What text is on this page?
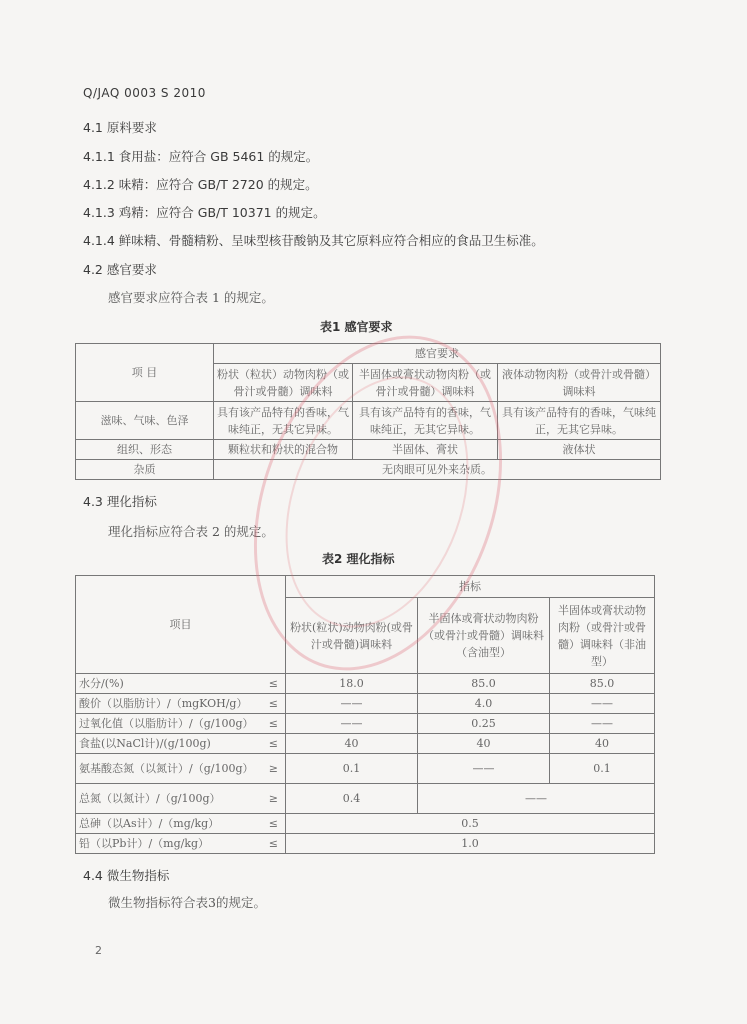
Q/JAQ 0003 S 2010
4.1 原料要求
4.1.1 食用盐：应符合 GB 5461 的规定。
4.1.2 味精：应符合 GB/T 2720 的规定。
4.1.3 鸡精：应符合 GB/T 10371 的规定。
4.1.4 鲜味精、骨髓精粉、呈味型核苷酸钠及其它原料应符合相应的食品卫生标准。
4.2 感官要求
感官要求应符合表 1 的规定。
表1 感官要求
项 目	感官要求		
	粉状（粒状）动物肉粉（或骨汁或骨髓）调味料	半固体或膏状动物肉粉（或骨汁或骨髓）调味料	液体动物肉粉（或骨汁或骨髓）调味料
滋味、气味、色泽	具有该产品特有的香味，气味纯正，无其它异味。	具有该产品特有的香味，气味纯正，无其它异味。	具有该产品特有的香味，气味纯正，无其它异味。
组织、形态	颗粒状和粉状的混合物	半固体、膏状	液体状
杂质	无肉眼可见外来杂质。		
4.3 理化指标
理化指标应符合表 2 的规定。
表2 理化指标
项目	指标		
	粉状(粒状)动物肉粉(或骨汁或骨髓)调味料	半固体或膏状动物肉粉（或骨汁或骨髓）调味料（含油型）	半固体或膏状动物肉粉（或骨汁或骨髓）调味料（非油型）

水分/(%) ≤	18.0	85.0	85.0

酸价（以脂肪计）/（mgKOH/g） ≤	——	4.0	——

过氧化值（以脂肪计）/（g/100g） ≤	——	0.25	——

食盐(以NaCl计)/(g/100g) ≤	40	40	40

氨基酸态氮（以氮计）/（g/100g） ≥	0.1	——	0.1

总氮（以氮计）/（g/100g） ≥	0.4	——	

总砷（以As计）/（mg/kg） ≤	0.5		

铅（以Pb计）/（mg/kg） ≤	1.0		
4.4 微生物指标
微生物指标符合表3的规定。
2
